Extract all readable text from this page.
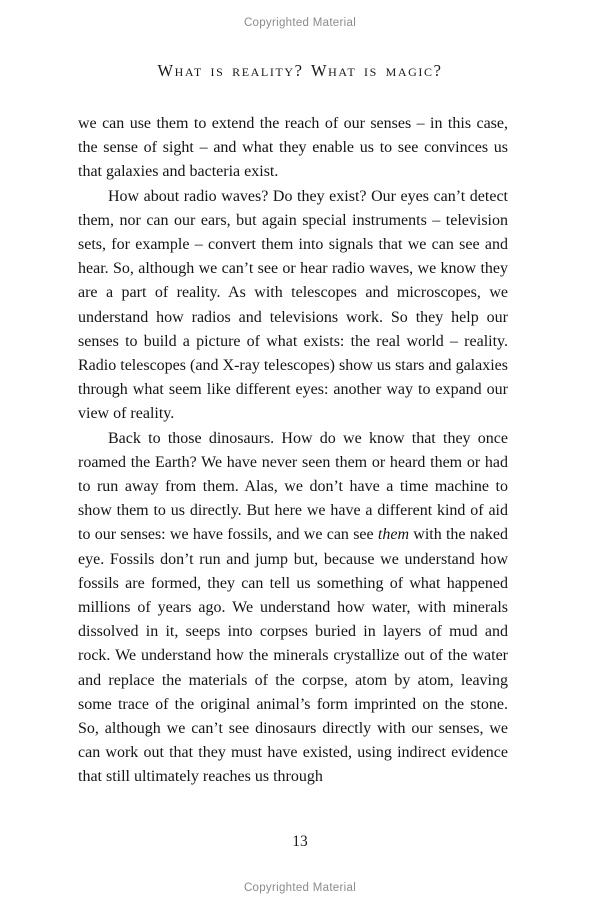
Copyrighted Material
What is reality? What is magic?

we can use them to extend the reach of our senses – in this case, the sense of sight – and what they enable us to see convinces us that galaxies and bacteria exist.

How about radio waves? Do they exist? Our eyes can’t detect them, nor can our ears, but again special instruments – television sets, for example – convert them into signals that we can see and hear. So, although we can’t see or hear radio waves, we know they are a part of reality. As with telescopes and microscopes, we understand how radios and televisions work. So they help our senses to build a picture of what exists: the real world – reality. Radio telescopes (and X-ray telescopes) show us stars and galaxies through what seem like different eyes: another way to expand our view of reality.

Back to those dinosaurs. How do we know that they once roamed the Earth? We have never seen them or heard them or had to run away from them. Alas, we don’t have a time machine to show them to us directly. But here we have a different kind of aid to our senses: we have fossils, and we can see them with the naked eye. Fossils don’t run and jump but, because we understand how fossils are formed, they can tell us something of what happened millions of years ago. We understand how water, with minerals dissolved in it, seeps into corpses buried in layers of mud and rock. We understand how the minerals crystallize out of the water and replace the materials of the corpse, atom by atom, leaving some trace of the original animal’s form imprinted on the stone. So, although we can’t see dinosaurs directly with our senses, we can work out that they must have existed, using indirect evidence that still ultimately reaches us through

13
Copyrighted Material
